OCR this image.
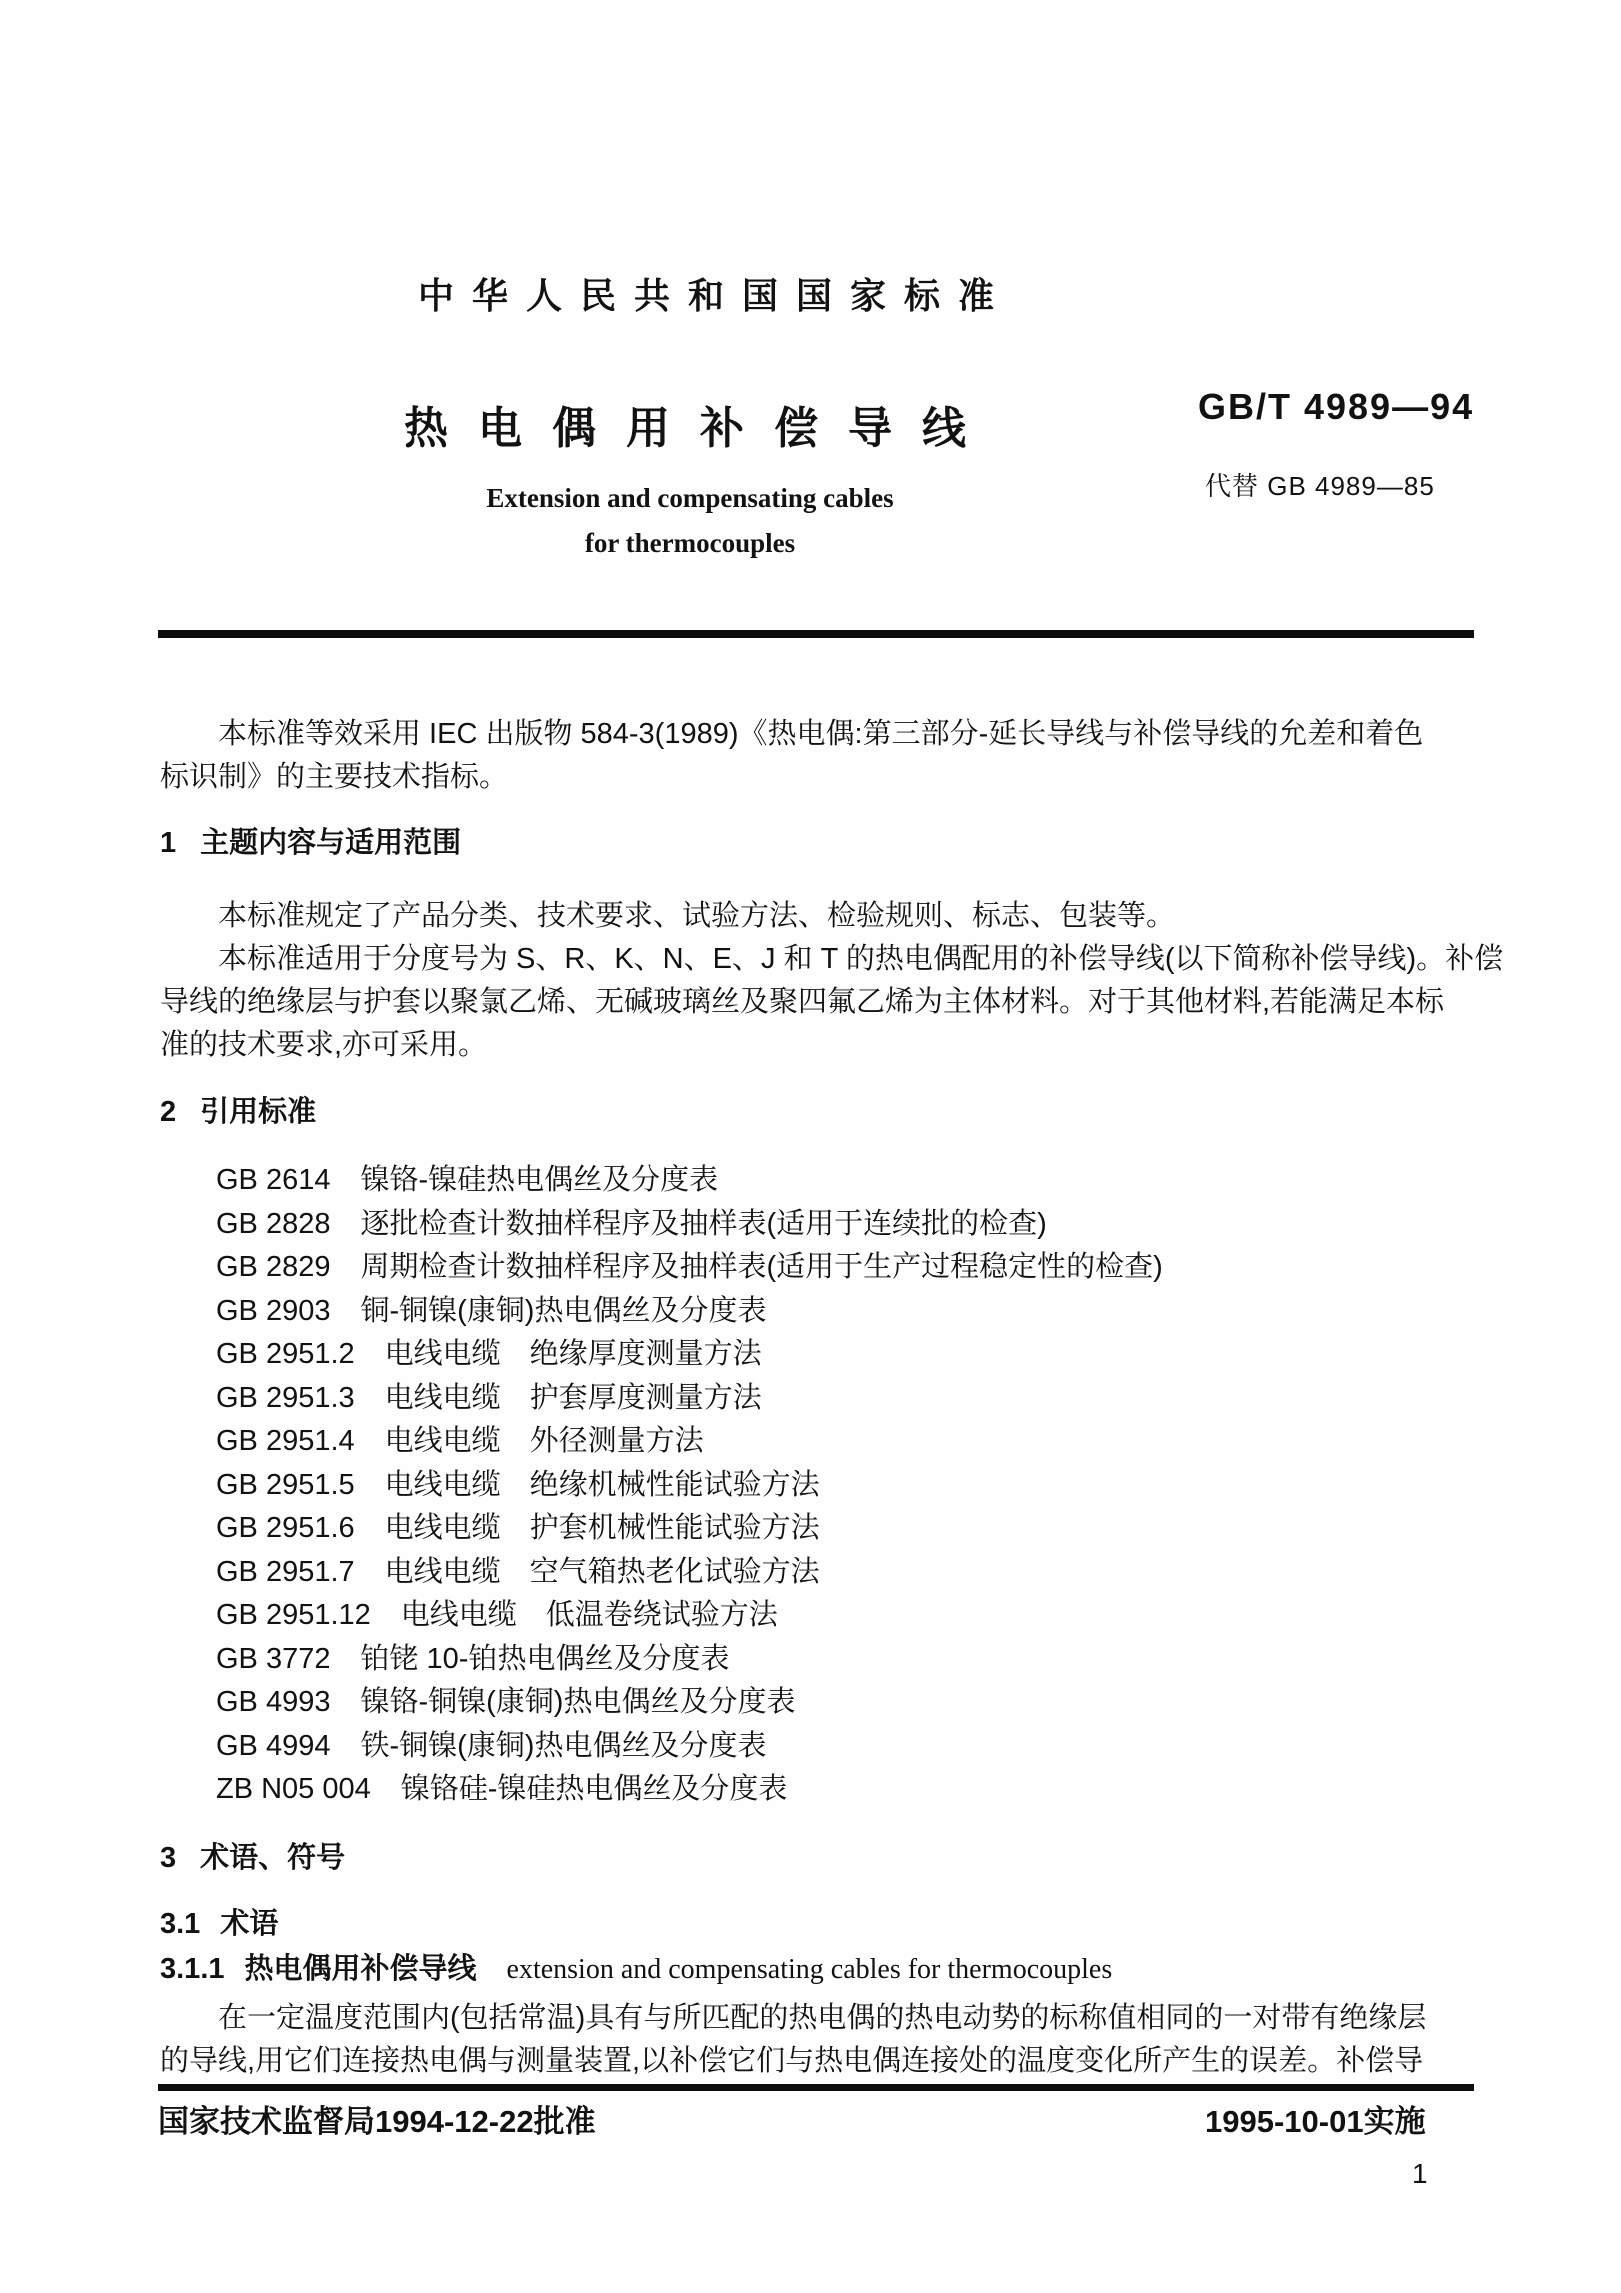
中华人民共和国国家标准
热电偶用补偿导线	GB/T 4989—94
代替 GB 4989—85
Extension and compensating cables
for thermocouples
本标准等效采用 IEC 出版物 584-3(1989)《热电偶:第三部分-延长导线与补偿导线的允差和着色
标识制》的主要技术指标。
1 主题内容与适用范围
本标准规定了产品分类、技术要求、试验方法、检验规则、标志、包装等。
本标准适用于分度号为 S、R、K、N、E、J 和 T 的热电偶配用的补偿导线(以下简称补偿导线)。补偿
导线的绝缘层与护套以聚氯乙烯、无碱玻璃丝及聚四氟乙烯为主体材料。对于其他材料,若能满足本标
准的技术要求,亦可采用。
2 引用标准
GB 2614 镍铬-镍硅热电偶丝及分度表
GB 2828 逐批检查计数抽样程序及抽样表(适用于连续批的检查)
GB 2829 周期检查计数抽样程序及抽样表(适用于生产过程稳定性的检查)
GB 2903 铜-铜镍(康铜)热电偶丝及分度表
GB 2951.2 电线电缆　绝缘厚度测量方法
GB 2951.3 电线电缆　护套厚度测量方法
GB 2951.4 电线电缆　外径测量方法
GB 2951.5 电线电缆　绝缘机械性能试验方法
GB 2951.6 电线电缆　护套机械性能试验方法
GB 2951.7 电线电缆　空气箱热老化试验方法
GB 2951.12 电线电缆　低温卷绕试验方法
GB 3772 铂铑 10-铂热电偶丝及分度表
GB 4993 镍铬-铜镍(康铜)热电偶丝及分度表
GB 4994 铁-铜镍(康铜)热电偶丝及分度表
ZB N05 004 镍铬硅-镍硅热电偶丝及分度表
3 术语、符号
3.1 术语
3.1.1 热电偶用补偿导线 extension and compensating cables for thermocouples
在一定温度范围内(包括常温)具有与所匹配的热电偶的热电动势的标称值相同的一对带有绝缘层
的导线,用它们连接热电偶与测量装置,以补偿它们与热电偶连接处的温度变化所产生的误差。补偿导
国家技术监督局1994-12-22批准	1995-10-01实施
1
